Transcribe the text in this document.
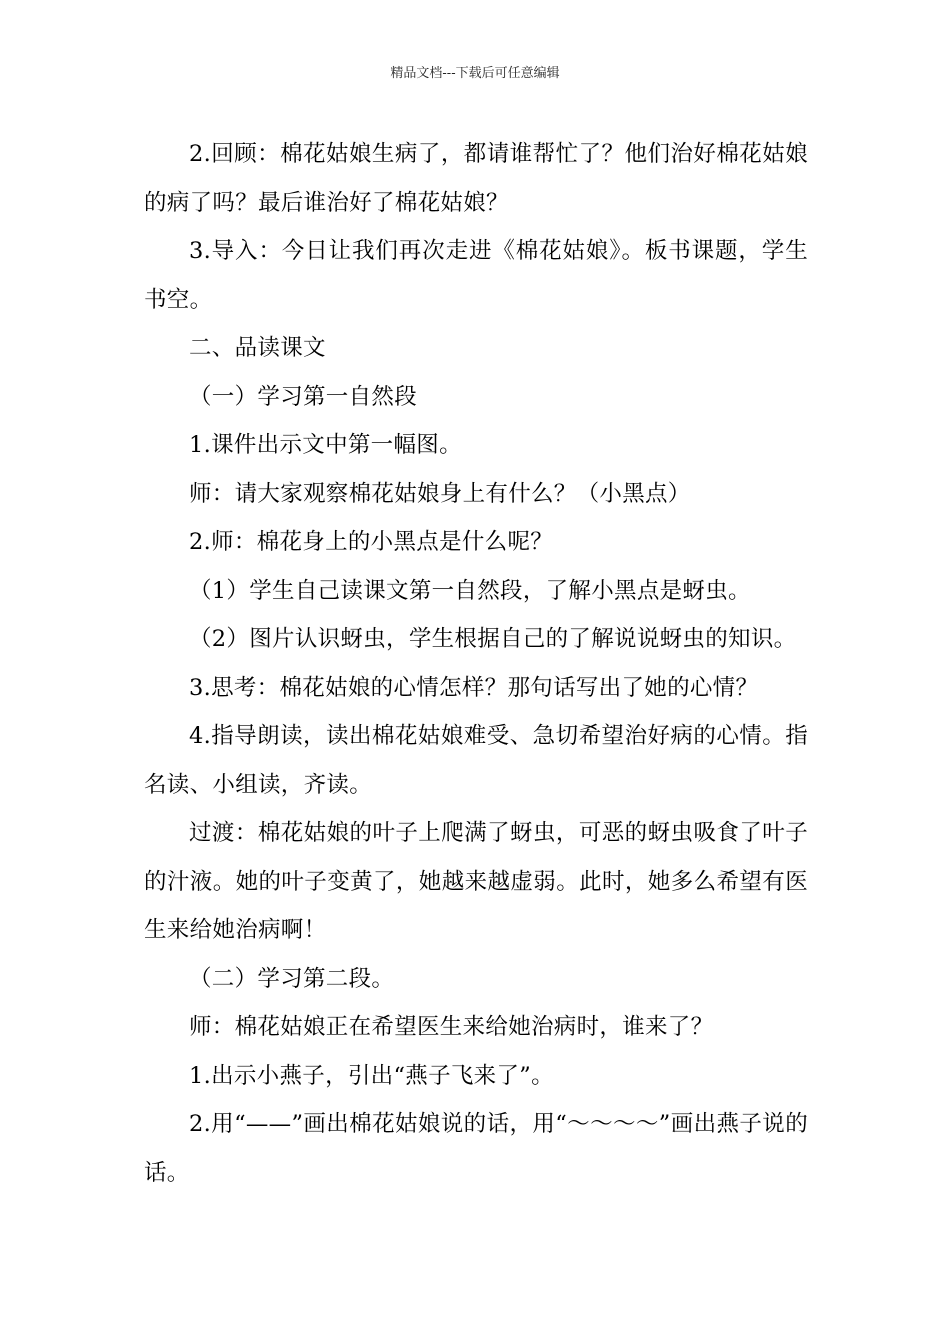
精品文档---下载后可任意编辑

2.回顾：棉花姑娘生病了，都请谁帮忙了？他们治好棉花姑娘的病了吗？最后谁治好了棉花姑娘？

3.导入：今日让我们再次走进《棉花姑娘》。板书课题，学生书空。

二、品读课文

（一）学习第一自然段

1.课件出示文中第一幅图。

师：请大家观察棉花姑娘身上有什么？（小黑点）

2.师：棉花身上的小黑点是什么呢？

（1）学生自己读课文第一自然段，了解小黑点是蚜虫。

（2）图片认识蚜虫，学生根据自己的了解说说蚜虫的知识。

3.思考：棉花姑娘的心情怎样？那句话写出了她的心情？

4.指导朗读，读出棉花姑娘难受、急切希望治好病的心情。指名读、小组读，齐读。

过渡：棉花姑娘的叶子上爬满了蚜虫，可恶的蚜虫吸食了叶子的汁液。她的叶子变黄了，她越来越虚弱。此时，她多么希望有医生来给她治病啊！

（二）学习第二段。

师：棉花姑娘正在希望医生来给她治病时，谁来了？

1.出示小燕子，引出“燕子飞来了”。

2.用“——”画出棉花姑娘说的话，用“～～～～”画出燕子说的话。
